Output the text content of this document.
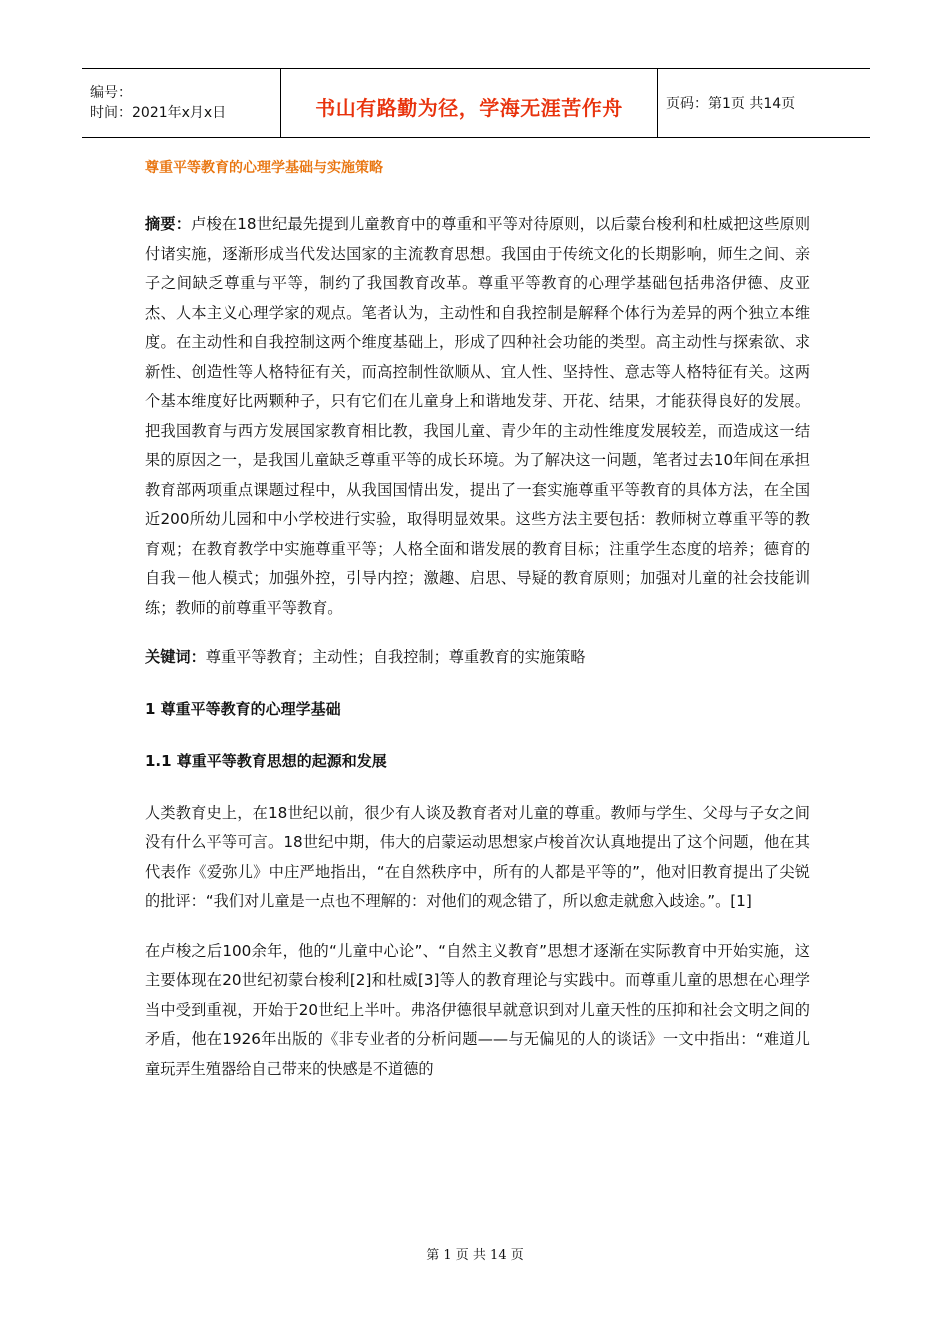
编号：
时间：2021年x月x日	书山有路勤为径，学海无涯苦作舟	页码：第1页 共14页

尊重平等教育的心理学基础与实施策略

摘要：卢梭在18世纪最先提到儿童教育中的尊重和平等对待原则，以后蒙台梭利和杜威把这些原则付诸实施，逐渐形成当代发达国家的主流教育思想。我国由于传统文化的长期影响，师生之间、亲子之间缺乏尊重与平等，制约了我国教育改革。尊重平等教育的心理学基础包括弗洛伊德、皮亚杰、人本主义心理学家的观点。笔者认为，主动性和自我控制是解释个体行为差异的两个独立本维度。在主动性和自我控制这两个维度基础上，形成了四种社会功能的类型。高主动性与探索欲、求新性、创造性等人格特征有关，而高控制性欲顺从、宜人性、坚持性、意志等人格特征有关。这两个基本维度好比两颗种子，只有它们在儿童身上和谐地发芽、开花、结果，才能获得良好的发展。把我国教育与西方发展国家教育相比教，我国儿童、青少年的主动性维度发展较差，而造成这一结果的原因之一，是我国儿童缺乏尊重平等的成长环境。为了解决这一问题，笔者过去10年间在承担教育部两项重点课题过程中，从我国国情出发，提出了一套实施尊重平等教育的具体方法，在全国近200所幼儿园和中小学校进行实验，取得明显效果。这些方法主要包括：教师树立尊重平等的教育观；在教育教学中实施尊重平等；人格全面和谐发展的教育目标；注重学生态度的培养；德育的自我－他人模式；加强外控，引导内控；激趣、启思、导疑的教育原则；加强对儿童的社会技能训练；教师的前尊重平等教育。

关键词：尊重平等教育；主动性；自我控制；尊重教育的实施策略

1 尊重平等教育的心理学基础

1.1 尊重平等教育思想的起源和发展

人类教育史上，在18世纪以前，很少有人谈及教育者对儿童的尊重。教师与学生、父母与子女之间没有什么平等可言。18世纪中期，伟大的启蒙运动思想家卢梭首次认真地提出了这个问题，他在其代表作《爱弥儿》中庄严地指出，“在自然秩序中，所有的人都是平等的”，他对旧教育提出了尖锐的批评：“我们对儿童是一点也不理解的：对他们的观念错了，所以愈走就愈入歧途。”。[1]

在卢梭之后100余年，他的“儿童中心论”、“自然主义教育”思想才逐渐在实际教育中开始实施，这主要体现在20世纪初蒙台梭利[2]和杜威[3]等人的教育理论与实践中。而尊重儿童的思想在心理学当中受到重视，开始于20世纪上半叶。弗洛伊德很早就意识到对儿童天性的压抑和社会文明之间的矛盾，他在1926年出版的《非专业者的分析问题——与无偏见的人的谈话》一文中指出：“难道儿童玩弄生殖器给自己带来的快感是不道德的

第 1 页 共 14 页
